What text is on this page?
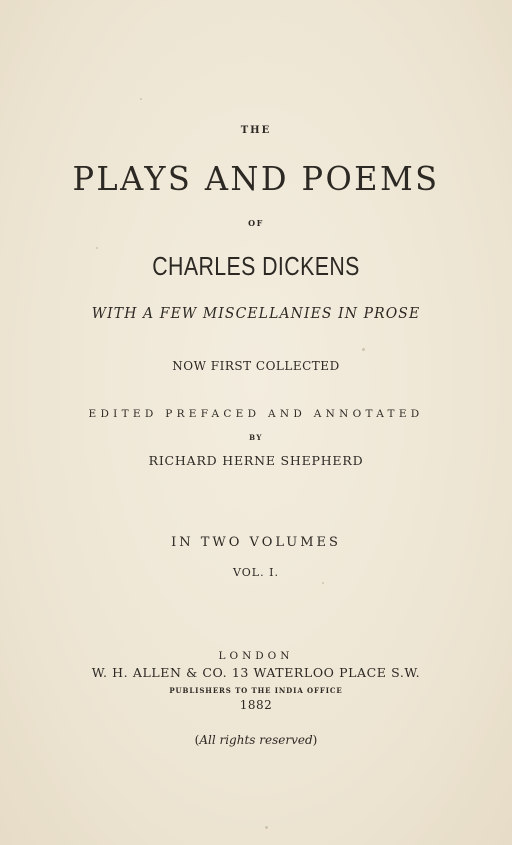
THE
PLAYS AND POEMS
OF
CHARLES DICKENS
WITH A FEW MISCELLANIES IN PROSE
NOW FIRST COLLECTED
EDITED PREFACED AND ANNOTATED
BY
RICHARD HERNE SHEPHERD
IN TWO VOLUMES
VOL. I.
LONDON
W. H. ALLEN & CO. 13 WATERLOO PLACE S.W.
PUBLISHERS TO THE INDIA OFFICE
1882
(All rights reserved)
